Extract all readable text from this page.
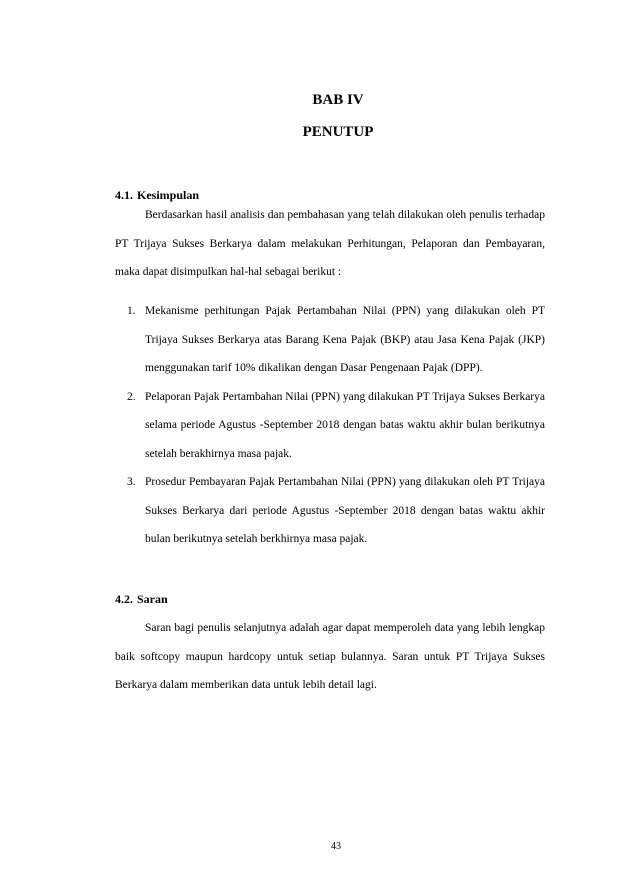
BAB IV
PENUTUP
4.1. Kesimpulan

Berdasarkan hasil analisis dan pembahasan yang telah dilakukan oleh penulis terhadap PT Trijaya Sukses Berkarya dalam melakukan Perhitungan, Pelaporan dan Pembayaran, maka dapat disimpulkan hal-hal sebagai berikut :

1. Mekanisme perhitungan Pajak Pertambahan Nilai (PPN) yang dilakukan oleh PT Trijaya Sukses Berkarya atas Barang Kena Pajak (BKP) atau Jasa Kena Pajak (JKP) menggunakan tarif 10% dikalikan dengan Dasar Pengenaan Pajak (DPP).
2. Pelaporan Pajak Pertambahan Nilai (PPN) yang dilakukan PT Trijaya Sukses Berkarya selama periode Agustus -September 2018 dengan batas waktu akhir bulan berikutnya setelah berakhirnya masa pajak.
3. Prosedur Pembayaran Pajak Pertambahan Nilai (PPN) yang dilakukan oleh PT Trijaya Sukses Berkarya dari periode Agustus -September 2018 dengan batas waktu akhir bulan berikutnya setelah berkhirnya masa pajak.
4.2. Saran

Saran bagi penulis selanjutnya adalah agar dapat memperoleh data yang lebih lengkap baik softcopy maupun hardcopy untuk setiap bulannya. Saran untuk PT Trijaya Sukses Berkarya dalam memberikan data untuk lebih detail lagi.

43
